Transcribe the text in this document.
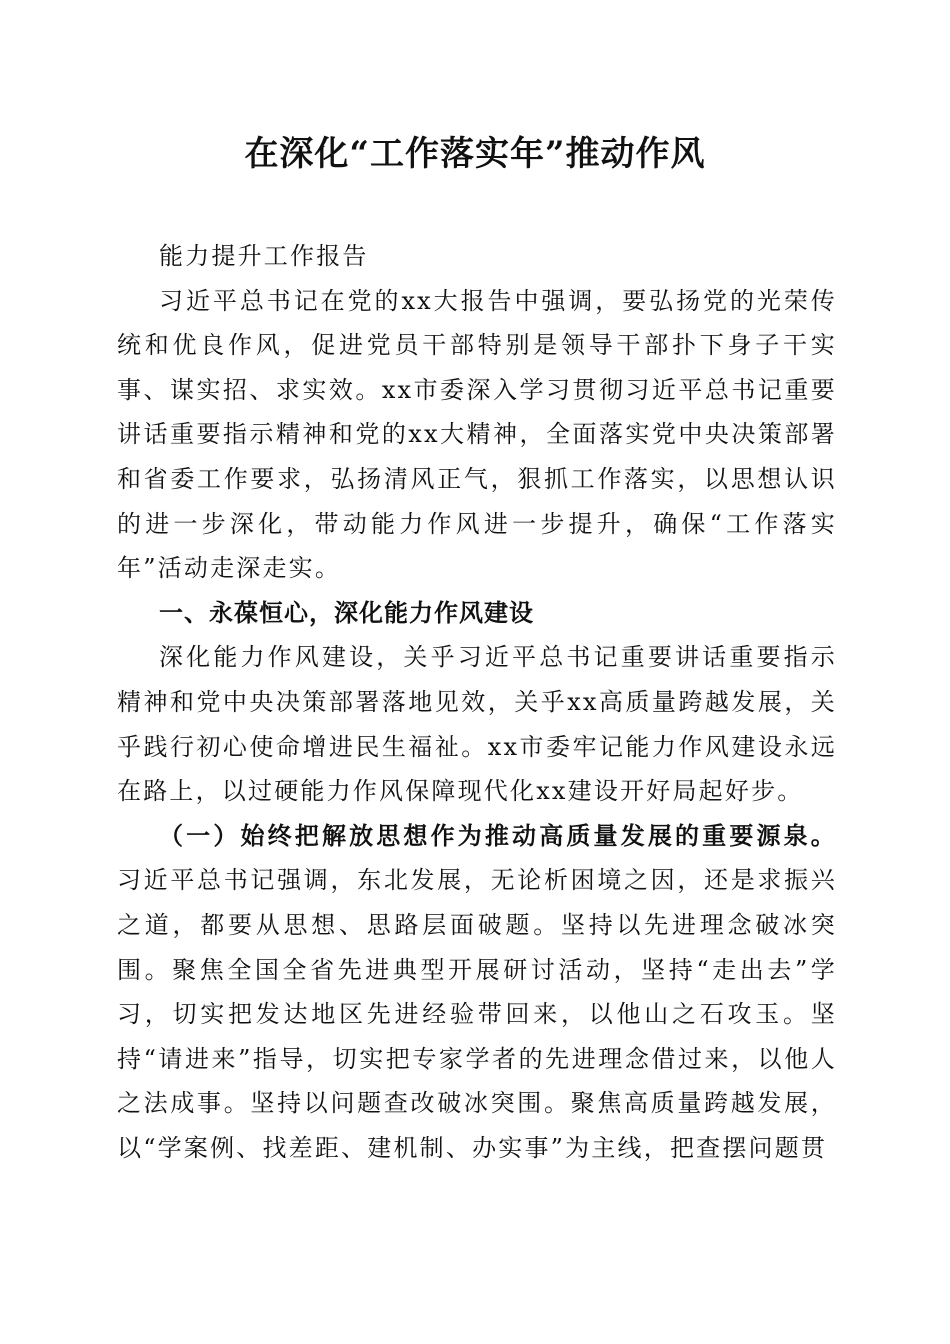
在深化“工作落实年”推动作风

能力提升工作报告

习近平总书记在党的xx大报告中强调，要弘扬党的光荣传统和优良作风，促进党员干部特别是领导干部扑下身子干实事、谋实招、求实效。xx市委深入学习贯彻习近平总书记重要讲话重要指示精神和党的xx大精神，全面落实党中央决策部署和省委工作要求，弘扬清风正气，狠抓工作落实，以思想认识的进一步深化，带动能力作风进一步提升，确保“工作落实年”活动走深走实。

一、永葆恒心，深化能力作风建设

深化能力作风建设，关乎习近平总书记重要讲话重要指示精神和党中央决策部署落地见效，关乎xx高质量跨越发展，关乎践行初心使命增进民生福祉。xx市委牢记能力作风建设永远在路上，以过硬能力作风保障现代化xx建设开好局起好步。

（一）始终把解放思想作为推动高质量发展的重要源泉。习近平总书记强调，东北发展，无论析困境之因，还是求振兴之道，都要从思想、思路层面破题。坚持以先进理念破冰突围。聚焦全国全省先进典型开展研讨活动，坚持“走出去”学习，切实把发达地区先进经验带回来，以他山之石攻玉。坚持“请进来”指导，切实把专家学者的先进理念借过来，以他人之法成事。坚持以问题查改破冰突围。聚焦高质量跨越发展，以“学案例、找差距、建机制、办实事”为主线，把查摆问题贯
